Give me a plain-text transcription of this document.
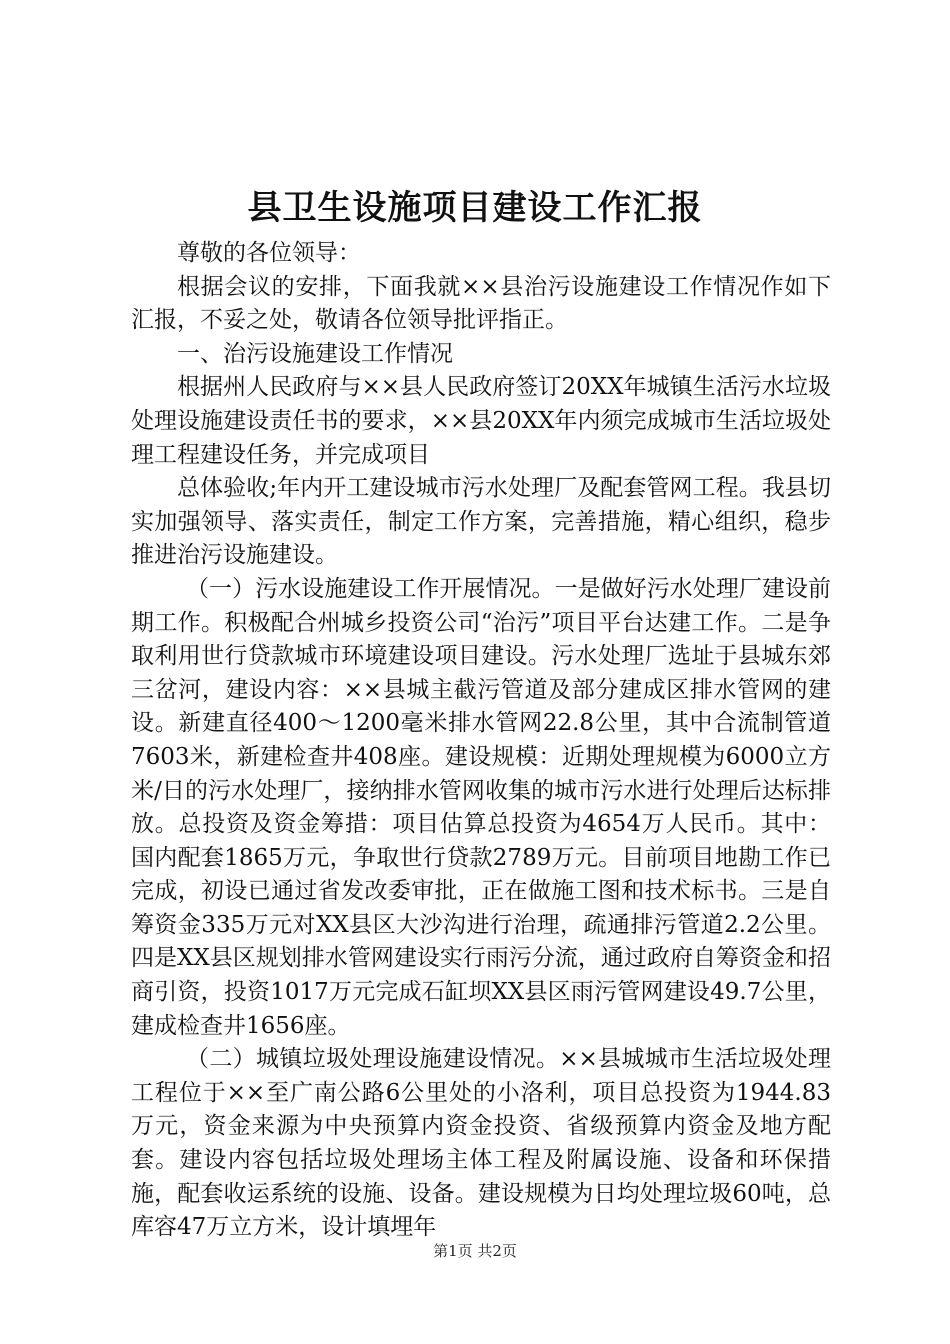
县卫生设施项目建设工作汇报

尊敬的各位领导：

根据会议的安排，下面我就××县治污设施建设工作情况作如下汇报，不妥之处，敬请各位领导批评指正。

一、治污设施建设工作情况

根据州人民政府与××县人民政府签订20XX年城镇生活污水垃圾处理设施建设责任书的要求，××县20XX年内须完成城市生活垃圾处理工程建设任务，并完成项目

总体验收;年内开工建设城市污水处理厂及配套管网工程。我县切实加强领导、落实责任，制定工作方案，完善措施，精心组织，稳步推进治污设施建设。

（一）污水设施建设工作开展情况。一是做好污水处理厂建设前期工作。积极配合州城乡投资公司“治污”项目平台达建工作。二是争取利用世行贷款城市环境建设项目建设。污水处理厂选址于县城东郊三岔河，建设内容：××县城主截污管道及部分建成区排水管网的建设。新建直径400～1200毫米排水管网22.8公里，其中合流制管道7603米，新建检查井408座。建设规模：近期处理规模为6000立方米/日的污水处理厂，接纳排水管网收集的城市污水进行处理后达标排放。总投资及资金筹措：项目估算总投资为4654万人民币。其中：国内配套1865万元，争取世行贷款2789万元。目前项目地勘工作已完成，初设已通过省发改委审批，正在做施工图和技术标书。三是自筹资金335万元对XX县区大沙沟进行治理，疏通排污管道2.2公里。四是XX县区规划排水管网建设实行雨污分流，通过政府自筹资金和招商引资，投资1017万元完成石缸坝XX县区雨污管网建设49.7公里，建成检查井1656座。

（二）城镇垃圾处理设施建设情况。××县城城市生活垃圾处理工程位于××至广南公路6公里处的小洛利，项目总投资为1944.83万元，资金来源为中央预算内资金投资、省级预算内资金及地方配套。建设内容包括垃圾处理场主体工程及附属设施、设备和环保措施，配套收运系统的设施、设备。建设规模为日均处理垃圾60吨，总库容47万立方米，设计填埋年

第1页 共2页
